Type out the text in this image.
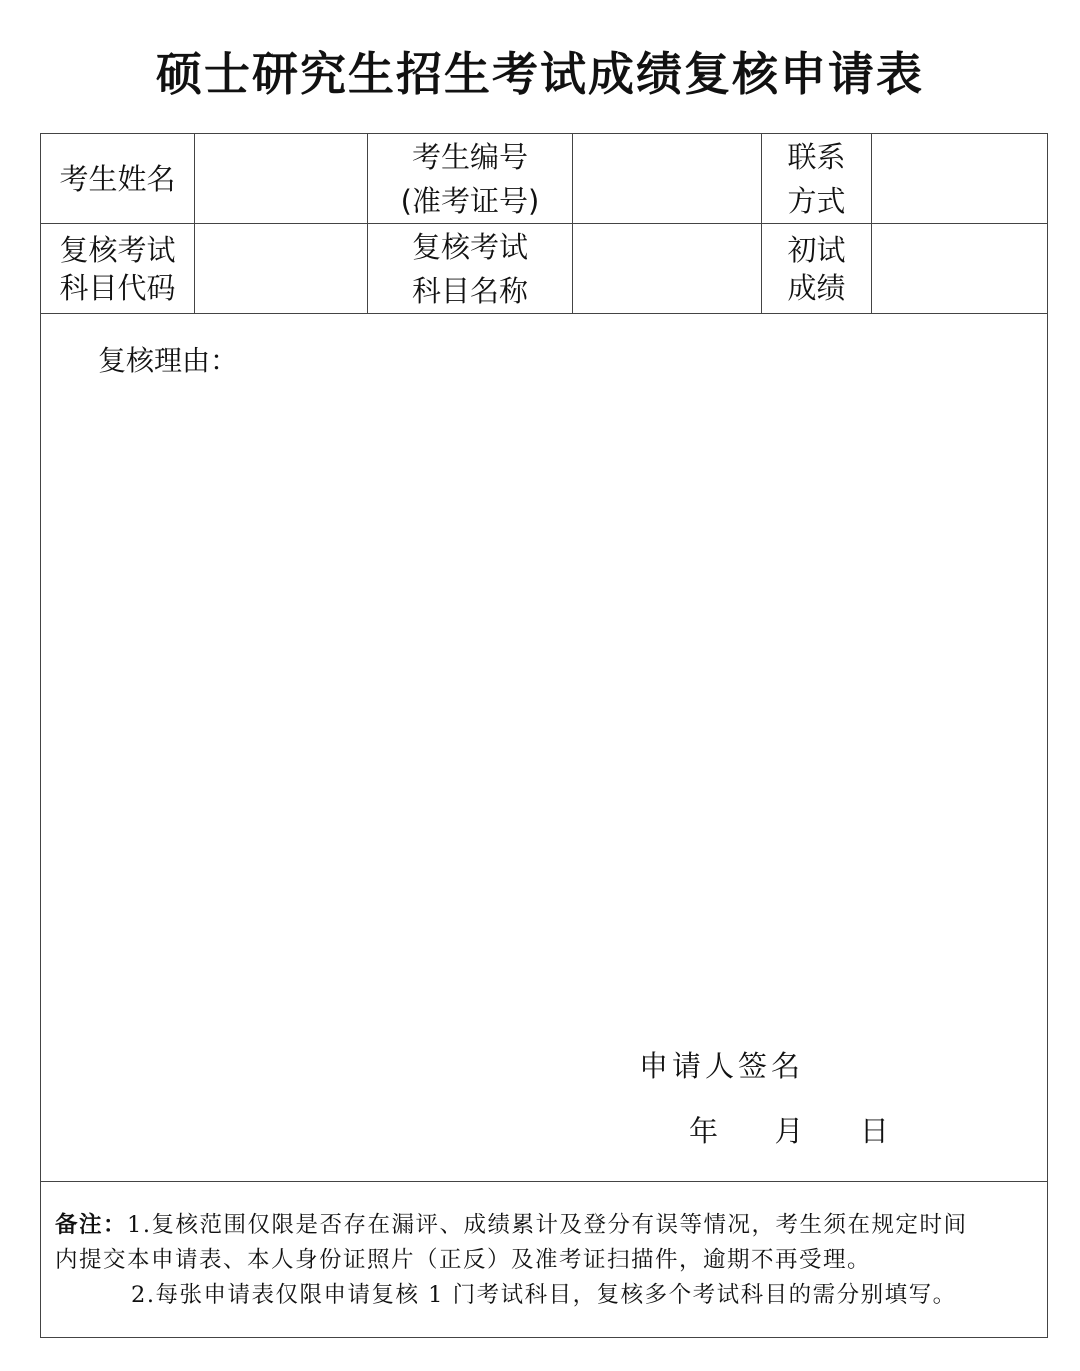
硕士研究生招生考试成绩复核申请表
考生姓名
考生编号
(准考证号)
联系
方式
复核考试
科目代码
复核考试
科目名称
初试
成绩
复核理由：
申请人签名
年 月 日

备注：1.复核范围仅限是否存在漏评、成绩累计及登分有误等情况，考生须在规定时间

内提交本申请表、本人身份证照片（正反）及准考证扫描件，逾期不再受理。

2.每张申请表仅限申请复核 1 门考试科目，复核多个考试科目的需分别填写。
